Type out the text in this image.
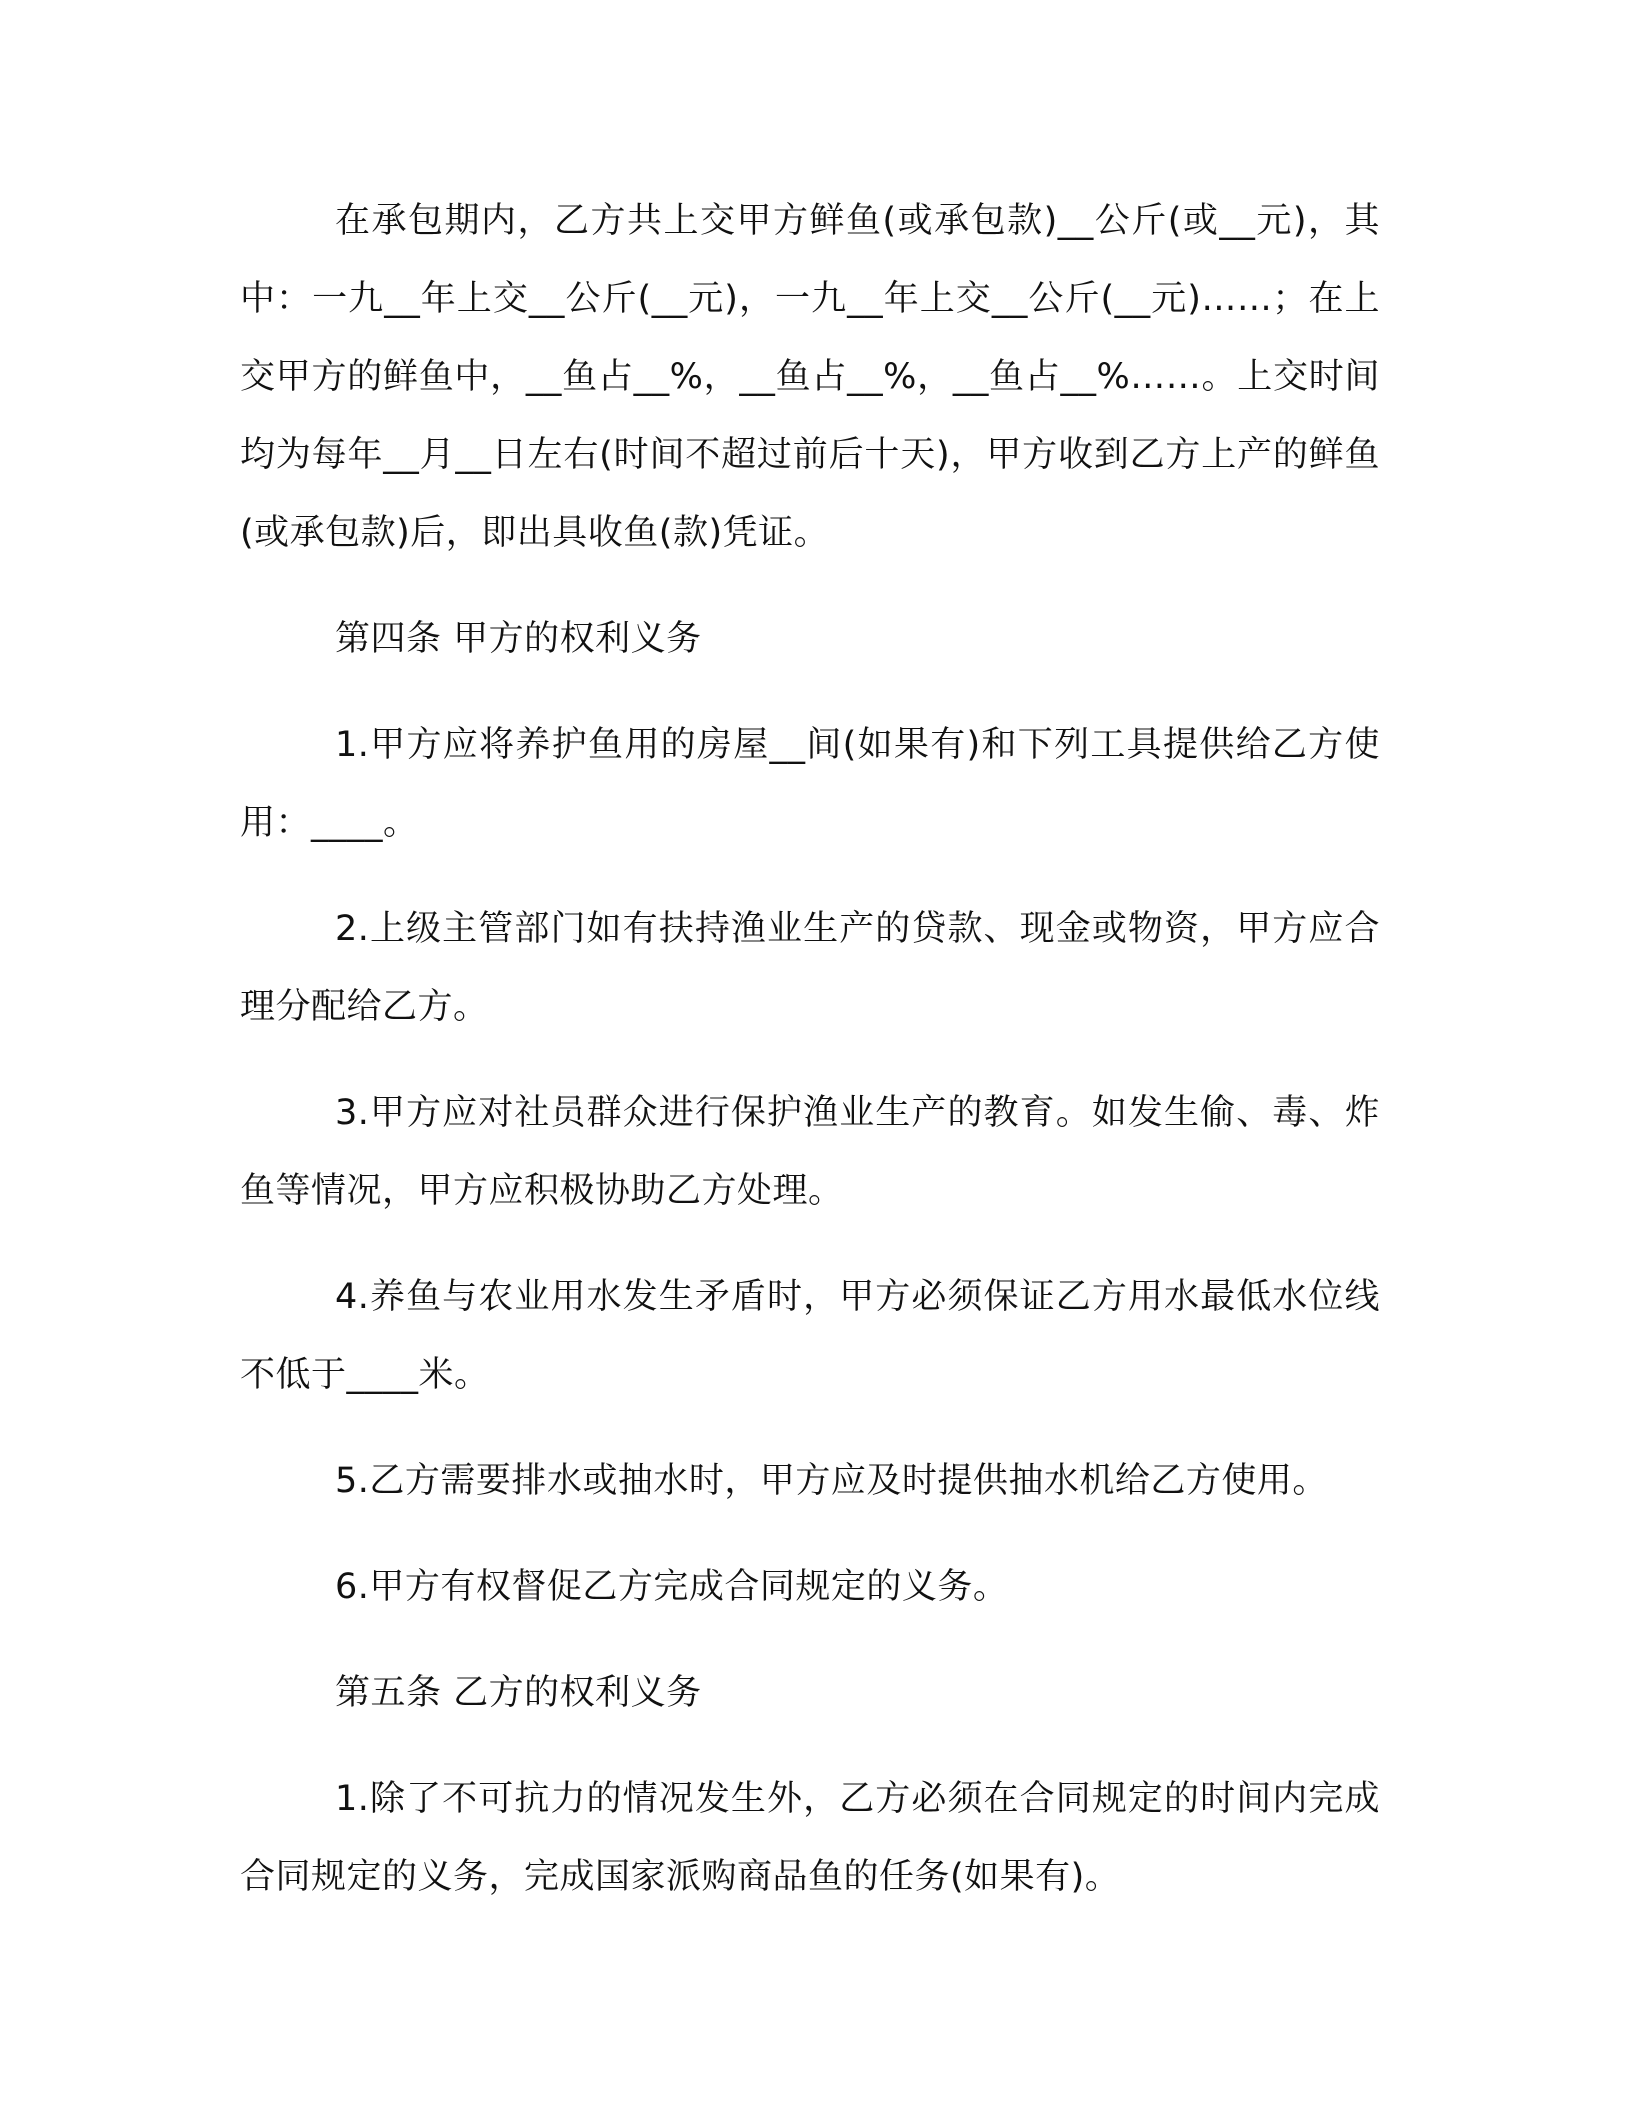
在承包期内，乙方共上交甲方鲜鱼(或承包款)__公斤(或__元)，其中：一九__年上交__公斤(__元)，一九__年上交__公斤(__元)……；在上交甲方的鲜鱼中，__鱼占__%，__鱼占__%，__鱼占__%……。上交时间均为每年__月__日左右(时间不超过前后十天)，甲方收到乙方上产的鲜鱼(或承包款)后，即出具收鱼(款)凭证。

第四条 甲方的权利义务

1.甲方应将养护鱼用的房屋__间(如果有)和下列工具提供给乙方使用：____。

2.上级主管部门如有扶持渔业生产的贷款、现金或物资，甲方应合理分配给乙方。

3.甲方应对社员群众进行保护渔业生产的教育。如发生偷、毒、炸鱼等情况，甲方应积极协助乙方处理。

4.养鱼与农业用水发生矛盾时，甲方必须保证乙方用水最低水位线不低于____米。

5.乙方需要排水或抽水时，甲方应及时提供抽水机给乙方使用。

6.甲方有权督促乙方完成合同规定的义务。

第五条 乙方的权利义务

1.除了不可抗力的情况发生外，乙方必须在合同规定的时间内完成合同规定的义务，完成国家派购商品鱼的任务(如果有)。
